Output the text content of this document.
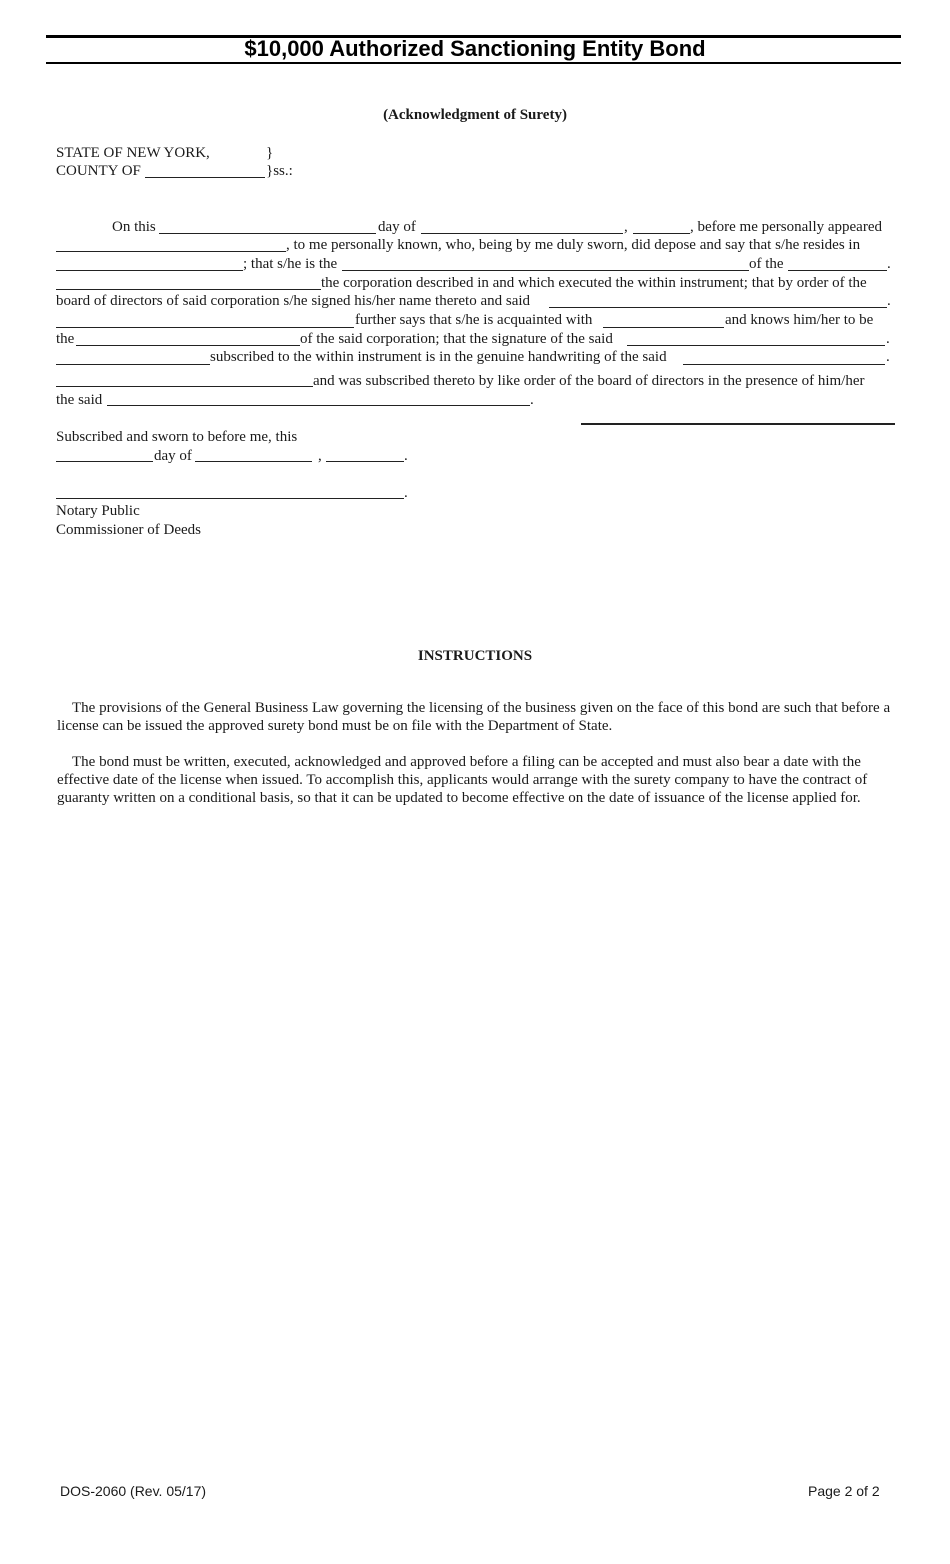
$10,000 Authorized Sanctioning Entity Bond
(Acknowledgment of Surety)
STATE OF NEW YORK,	}
COUNTY OF	}ss.:
On this	day of	,	, before me personally appeared
, to me personally known, who, being by me duly sworn, did depose and say that s/he resides in
; that s/he is the	of the	.
the corporation described in and which executed the within instrument; that by order of the
board of directors of said corporation s/he signed his/her name thereto and said	.
further says that s/he is acquainted with	and knows him/her to be
the	of the said corporation; that the signature of the said	.
subscribed to the within instrument is in the genuine handwriting of the said	.
and was subscribed thereto by like order of the board of directors in the presence of him/her
the said	.
Subscribed and sworn to before me, this
day of	,	.
.
Notary Public
Commissioner of Deeds
INSTRUCTIONS

The provisions of the General Business Law governing the licensing of the business given on the face of this bond are such that before a license can be issued the approved surety bond must be on file with the Department of State.

The bond must be written, executed, acknowledged and approved before a filing can be accepted and must also bear a date with the effective date of the license when issued. To accomplish this, applicants would arrange with the surety company to have the contract of guaranty written on a conditional basis, so that it can be updated to become effective on the date of issuance of the license applied for.

DOS-2060 (Rev. 05/17)	Page 2 of 2
